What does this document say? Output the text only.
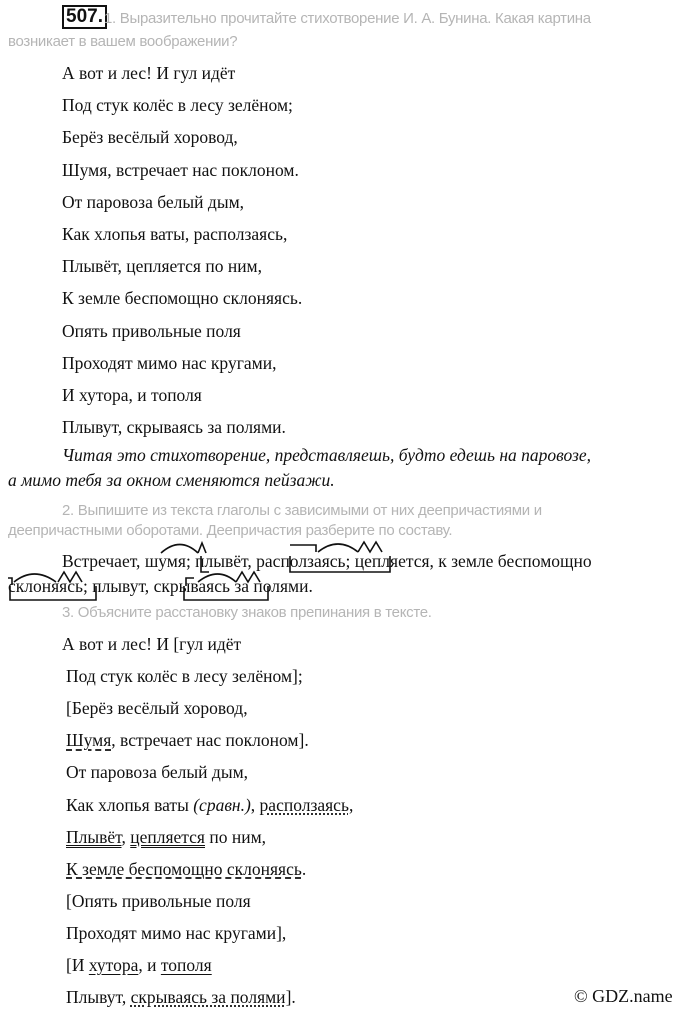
507. 1. Выразительно прочитайте стихотворение И. А. Бунина. Какая картина
возникает в вашем воображении?
А вот и лес! И гул идёт
Под стук колёс в лесу зелёном;
Берёз весёлый хоровод,
Шумя, встречает нас поклоном.
От паровоза белый дым,
Как хлопья ваты, расползаясь,
Плывёт, цепляется по ним,
К земле беспомощно склоняясь.
Опять привольные поля
Проходят мимо нас кругами,
И хутора, и тополя
Плывут, скрываясь за полями.
Читая это стихотворение, представляешь, будто едешь на паровозе,
а мимо тебя за окном сменяются пейзажи.
2. Выпишите из текста глаголы с зависимыми от них деепричастиями и
деепричастными оборотами. Деепричастия разберите по составу.
Встречает, шумя; плывёт, расползаясь; цепляется, к земле беспомощно
склоняясь; плывут, скрываясь за полями.
3. Объясните расстановку знаков препинания в тексте.
А вот и лес! И [гул идёт
Под стук колёс в лесу зелёном];
[Берёз весёлый хоровод,
Шумя, встречает нас поклоном].
От паровоза белый дым,
Как хлопья ваты (сравн.), расползаясь,
Плывёт, цепляется по ним,
К земле беспомощно склоняясь.
[Опять привольные поля
Проходят мимо нас кругами],
[И хутора, и тополя
Плывут, скрываясь за полями].	© GDZ.name
